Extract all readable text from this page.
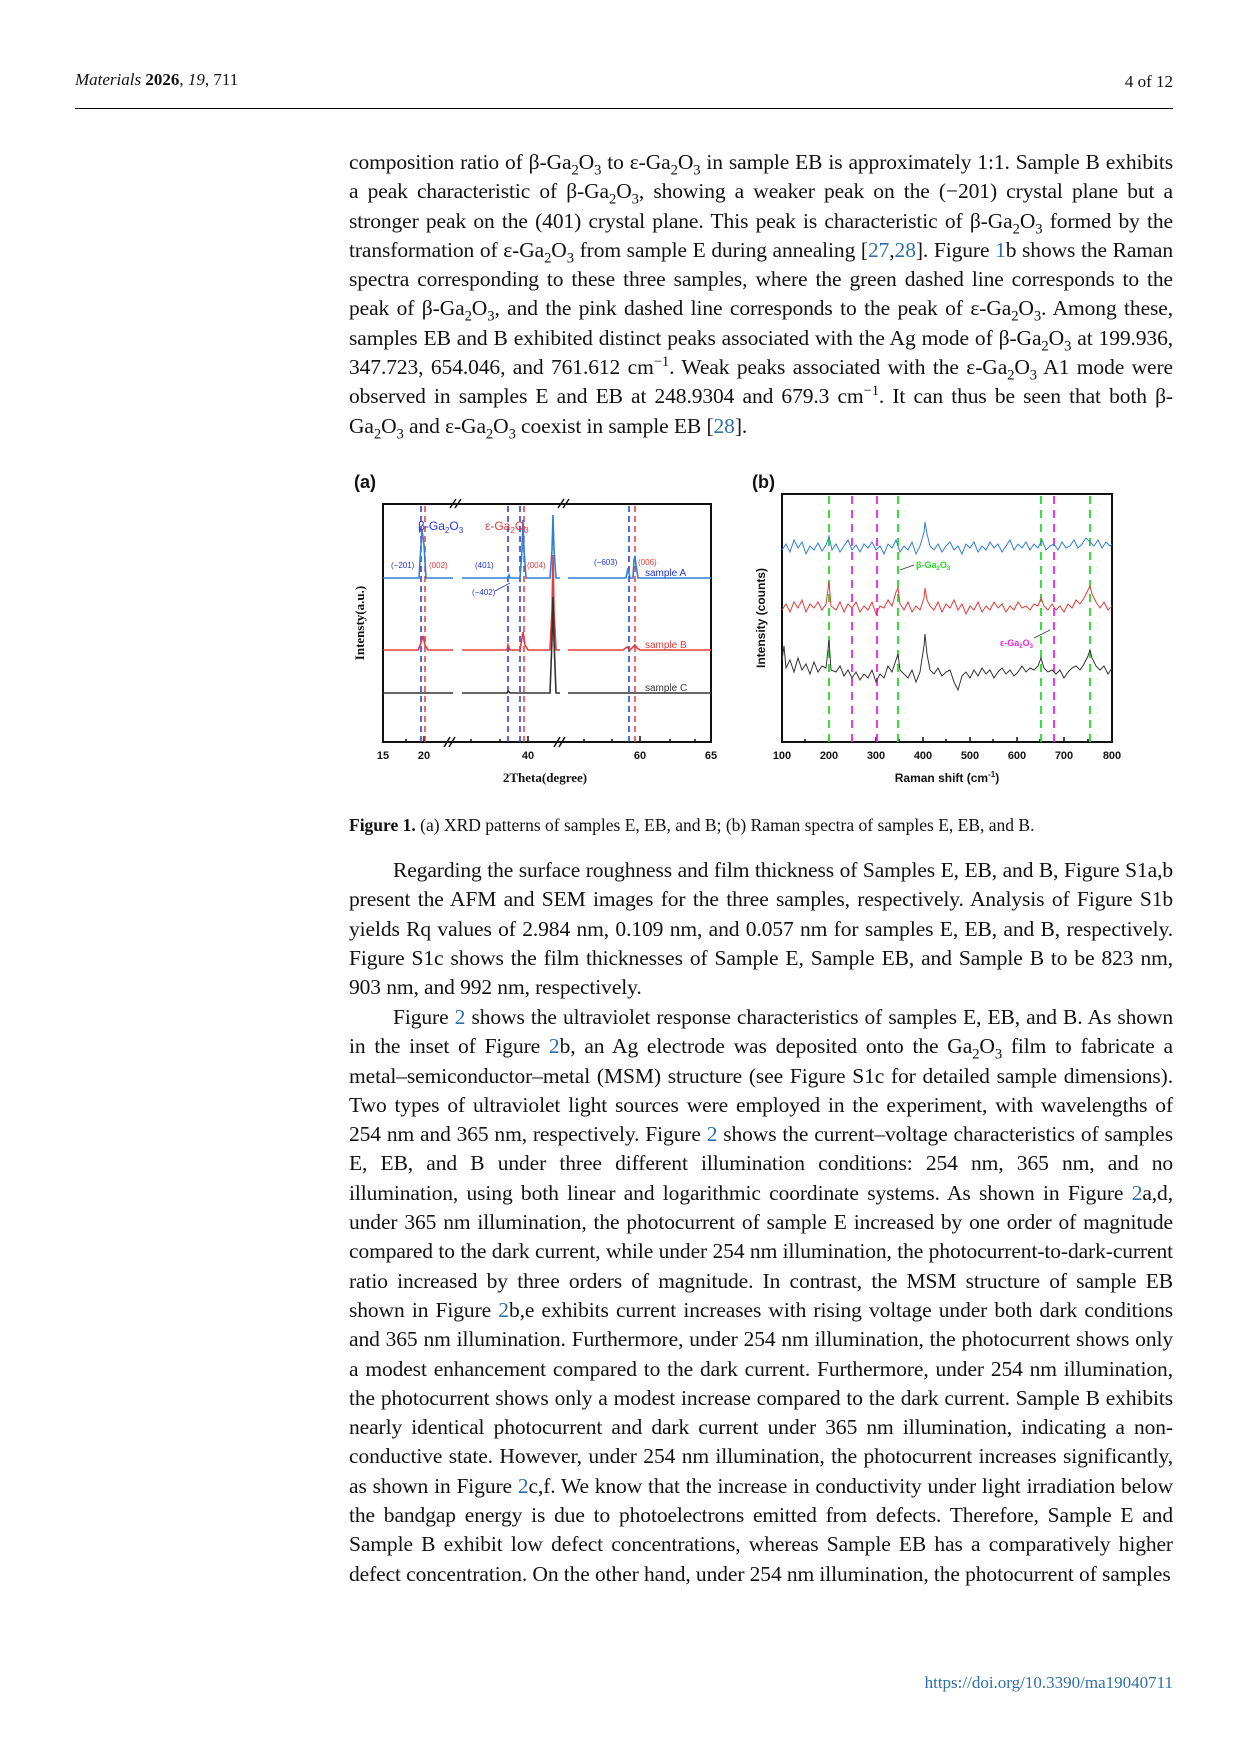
Materials 2026, 19, 711	4 of 12

composition ratio of $\beta-Ga_2O_3$ to $\varepsilon-Ga_2O_3$ in sample EB is approximately 1:1. Sample B exhibits a peak characteristic of $\beta-Ga_2O_3$, showing a weaker peak on the (−201) crystal plane but a stronger peak on the (401) crystal plane. This peak is characteristic of $\beta-Ga_2O_3$ formed by the transformation of $\varepsilon-Ga_2O_3$ from sample E during annealing [27,28]. Figure 1b shows the Raman spectra corresponding to these three samples, where the green dashed line corresponds to the peak of $\beta-Ga_2O_3$, and the pink dashed line corresponds to the peak of $\varepsilon-Ga_2O_3$. Among these, samples EB and B exhibited distinct peaks associated with the Ag mode of $\beta-Ga_2O_3$ at 199.936, 347.723, 654.046, and 761.612 $cm^{-1}$. Weak peaks associated with the $\varepsilon-Ga_2O_3$ A1 mode were observed in samples E and EB at 248.9304 and 679.3 $cm^{-1}$. It can thus be seen that both $\beta-Ga_2O_3$ and $\varepsilon-Ga_2O_3$ coexist in sample EB [28].

(a)	(b)
$\beta-Ga_2O_3$ $\varepsilon-Ga_2O_3$
(−201) (002)	(401)	(004)	(−603)	(006)
(−402)
sample A
sample B
sample C
15	20	40	60	65
2Theta(degree)
Intensty(a.u.)
$\beta-Ga_2O_3$
$\varepsilon-Ga_2O_3$
100	200	300	400	500	600	700	800
Raman shift $(cm^{-1})$
Intensity (counts)
Figure 1. (a) XRD patterns of samples E, EB, and B; (b) Raman spectra of samples E, EB, and B.

Regarding the surface roughness and film thickness of Samples E, EB, and B, Figure S1a,b present the AFM and SEM images for the three samples, respectively. Analysis of Figure S1b yields Rq values of 2.984 nm, 0.109 nm, and 0.057 nm for samples E, EB, and B, respectively. Figure S1c shows the film thicknesses of Sample E, Sample EB, and Sample B to be 823 nm, 903 nm, and 992 nm, respectively.

Figure 2 shows the ultraviolet response characteristics of samples E, EB, and B. As shown in the inset of Figure 2b, an Ag electrode was deposited onto the $Ga_2O_3$ film to fabricate a metal–semiconductor–metal (MSM) structure (see Figure S1c for detailed sample dimensions). Two types of ultraviolet light sources were employed in the experiment, with wavelengths of 254 nm and 365 nm, respectively. Figure 2 shows the current–voltage characteristics of samples E, EB, and B under three different illumination conditions: 254 nm, 365 nm, and no illumination, using both linear and logarithmic coordinate systems. As shown in Figure 2a,d, under 365 nm illumination, the photocurrent of sample E increased by one order of magnitude compared to the dark current, while under 254 nm illumination, the photocurrent-to-dark-current ratio increased by three orders of magnitude. In contrast, the MSM structure of sample EB shown in Figure 2b,e exhibits current increases with rising voltage under both dark conditions and 365 nm illumination. Furthermore, under 254 nm illumination, the photocurrent shows only a modest enhancement compared to the dark current. Furthermore, under 254 nm illumination, the photocurrent shows only a modest increase compared to the dark current. Sample B exhibits nearly identical photocurrent and dark current under 365 nm illumination, indicating a non-conductive state. However, under 254 nm illumination, the photocurrent increases significantly, as shown in Figure 2c,f. We know that the increase in conductivity under light irradiation below the bandgap energy is due to photoelectrons emitted from defects. Therefore, Sample E and Sample B exhibit low defect concentrations, whereas Sample EB has a comparatively higher defect concentration. On the other hand, under 254 nm illumination, the photocurrent of samples

https://doi.org/10.3390/ma19040711
